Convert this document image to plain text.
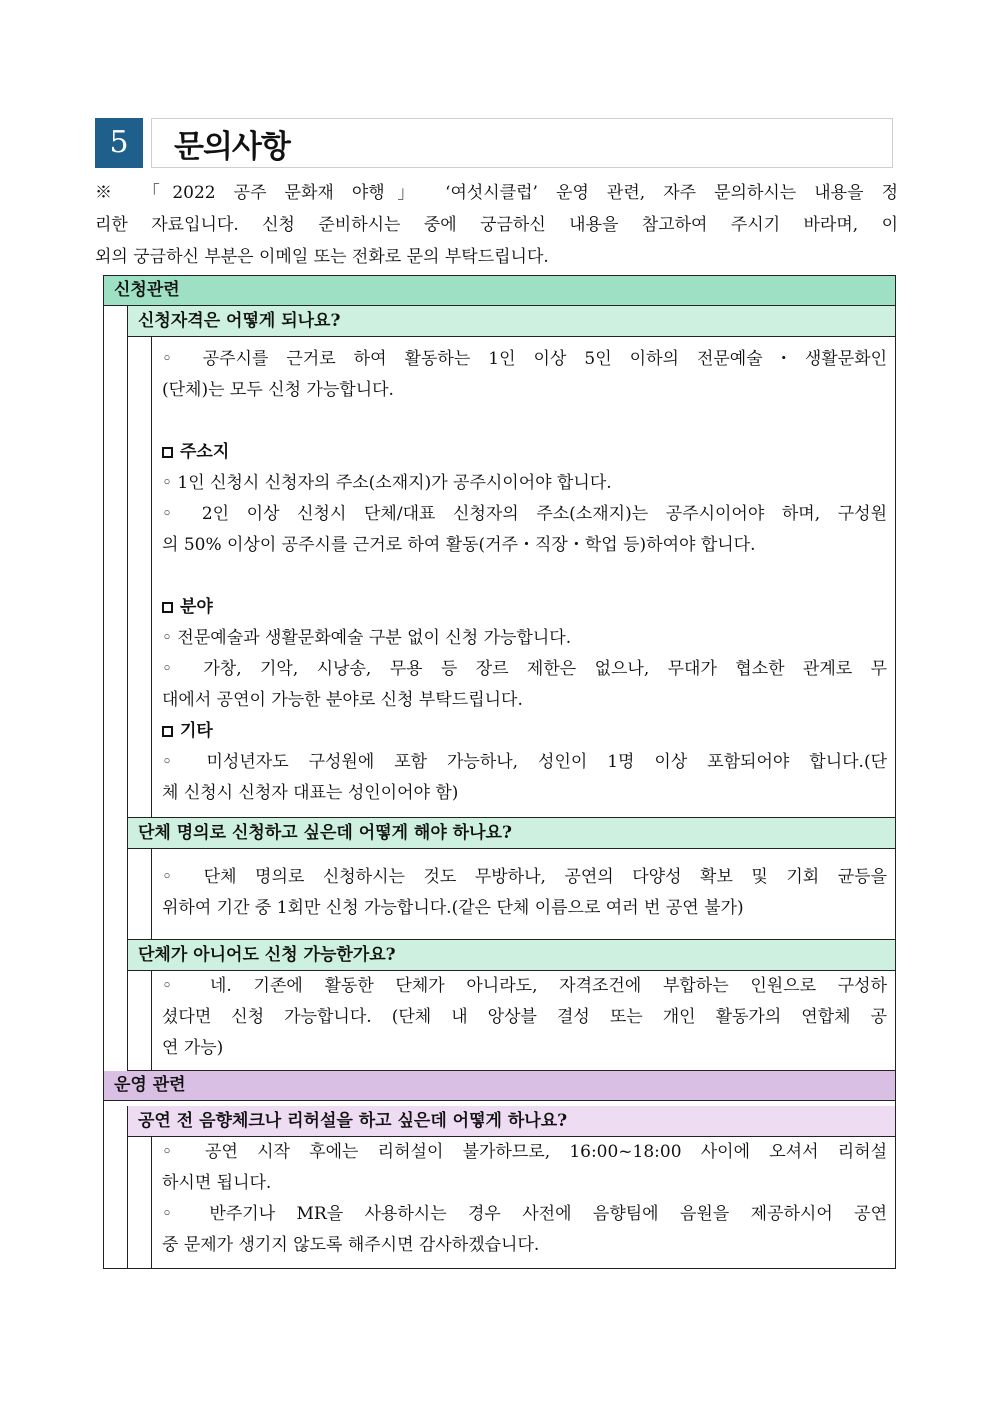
5	문의사항

※ 「2022 공주 문화재 야행」 ‘여섯시클럽’ 운영 관련, 자주 문의하시는 내용을 정

리한 자료입니다. 신청 준비하시는 중에 궁금하신 내용을 참고하여 주시기 바라며, 이

외의 궁금하신 부분은 이메일 또는 전화로 문의 부탁드립니다.

신청관련
신청자격은 어떻게 되나요?
◦ 공주시를 근거로 하여 활동하는 1인 이상 5인 이하의 전문예술・생활문화인
(단체)는 모두 신청 가능합니다.
주소지
◦ 1인 신청시 신청자의 주소(소재지)가 공주시이어야 합니다.
◦ 2인 이상 신청시 단체/대표 신청자의 주소(소재지)는 공주시이어야 하며, 구성원
의 50% 이상이 공주시를 근거로 하여 활동(거주・직장・학업 등)하여야 합니다.
분야
◦ 전문예술과 생활문화예술 구분 없이 신청 가능합니다.
◦ 가창, 기악, 시낭송, 무용 등 장르 제한은 없으나, 무대가 협소한 관계로 무
대에서 공연이 가능한 분야로 신청 부탁드립니다.
기타
◦ 미성년자도 구성원에 포함 가능하나, 성인이 1명 이상 포함되어야 합니다.(단
체 신청시 신청자 대표는 성인이어야 함)
단체 명의로 신청하고 싶은데 어떻게 해야 하나요?
◦ 단체 명의로 신청하시는 것도 무방하나, 공연의 다양성 확보 및 기회 균등을
위하여 기간 중 1회만 신청 가능합니다.(같은 단체 이름으로 여러 번 공연 불가)
단체가 아니어도 신청 가능한가요?
◦ 네. 기존에 활동한 단체가 아니라도, 자격조건에 부합하는 인원으로 구성하
셨다면 신청 가능합니다. (단체 내 앙상블 결성 또는 개인 활동가의 연합체 공
연 가능)
운영 관련
공연 전 음향체크나 리허설을 하고 싶은데 어떻게 하나요?
◦ 공연 시작 후에는 리허설이 불가하므로, 16:00~18:00 사이에 오셔서 리허설
하시면 됩니다.
◦ 반주기나 MR을 사용하시는 경우 사전에 음향팀에 음원을 제공하시어 공연
중 문제가 생기지 않도록 해주시면 감사하겠습니다.
